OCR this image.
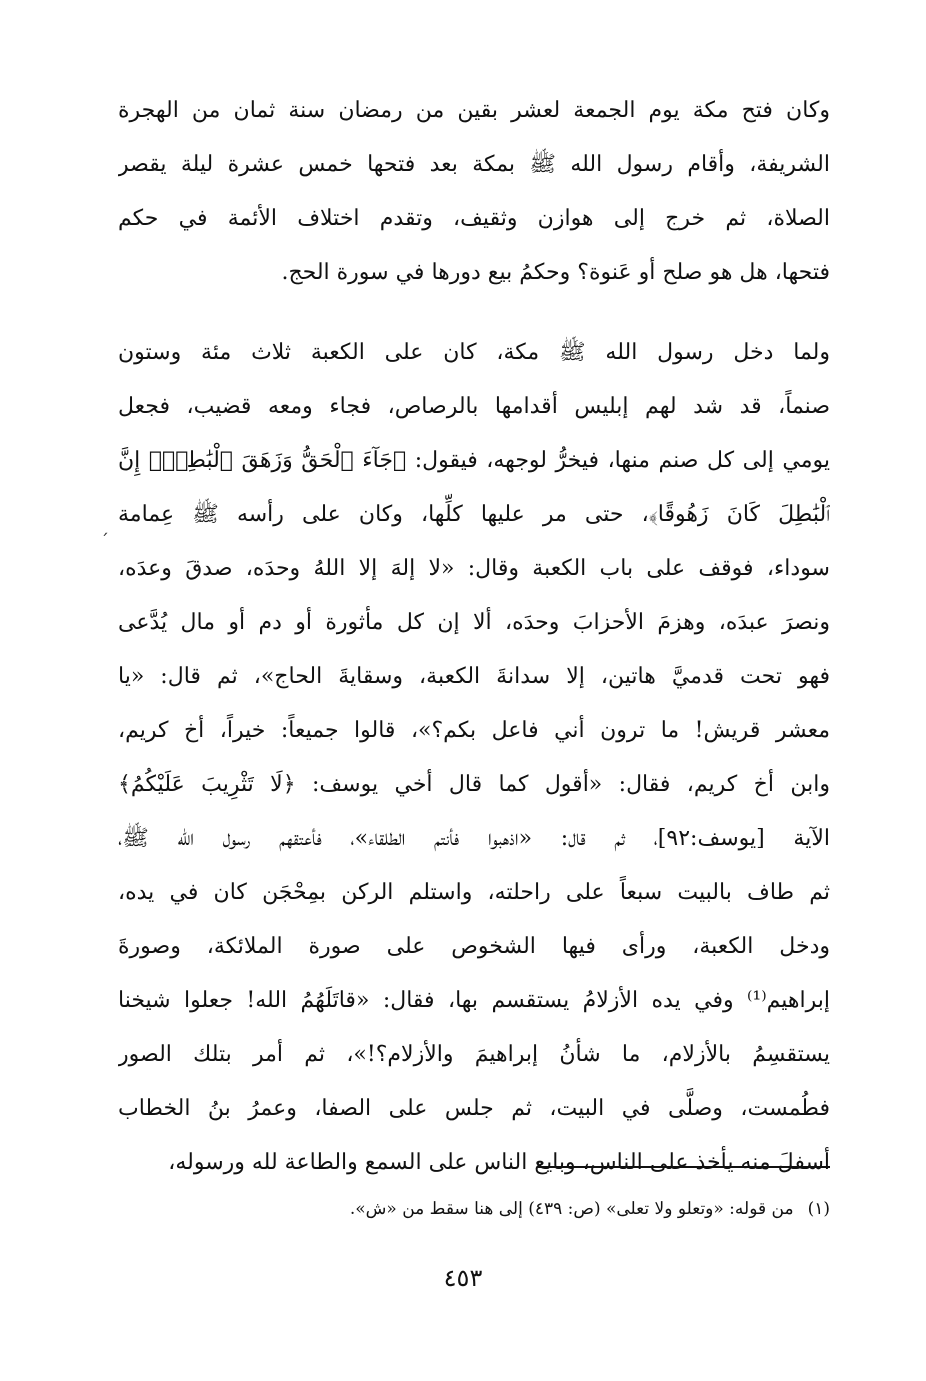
وكان فتح مكة يوم الجمعة لعشر بقين من رمضان سنة ثمان من الهجرة
الشريفة، وأقام رسول الله ﷺ بمكة بعد فتحها خمس عشرة ليلة يقصر
الصلاة، ثم خرج إلى هوازن وثقيف، وتقدم اختلاف الأئمة في حكم
فتحها، هل هو صلح أو عَنوة؟ وحكمُ بيع دورها في سورة الحج.
ولما دخل رسول الله ﷺ مكة، كان على الكعبة ثلاث مئة وستون
صنماً، قد شد لهم إبليس أقدامها بالرصاص، فجاء ومعه قضيب، فجعل
يومي إلى كل صنم منها، فيخرُّ لوجهه، فيقول: ﴿جَآءَ ٱلْحَقُّ وَزَهَقَ ٱلْبَٰطِلُۚ إِنَّ
ٱلْبَٰطِلَ كَانَ زَهُوقًا﴾، حتى مر عليها كلِّها، وكان على رأسه ﷺ عِمامة
سوداء، فوقف على باب الكعبة وقال: «لا إلهَ إلا اللهُ وحدَه، صدقَ وعدَه،
ونصرَ عبدَه، وهزمَ الأحزابَ وحدَه، ألا إن كل مأثورة أو دم أو مال يُدَّعى
فهو تحت قدميَّ هاتين، إلا سدانةَ الكعبة، وسقايةَ الحاج»، ثم قال: «يا
معشر قريش! ما ترون أني فاعل بكم؟»، قالوا جميعاً: خيراً، أخ كريم،
وابن أخ كريم، فقال: «أقول كما قال أخي يوسف: ﴿لَا تَثْرِيبَ عَلَيْكُمُ﴾
الآية [يوسف:٩٢]، ثم قال: «اذهبوا فأنتم الطلقاء»، فأعتقهم رسول الله ﷺ،
ثم طاف بالبيت سبعاً على راحلته، واستلم الركن بمِحْجَن كان في يده،
ودخل الكعبة، ورأى فيها الشخوص على صورة الملائكة، وصورةَ
إبراهيم⁽¹⁾ وفي يده الأزلامُ يستقسم بها، فقال: «قاتَلَهُمُ الله! جعلوا شيخنا
يستقسِمُ بالأزلام، ما شأنُ إبراهيمَ والأزلام؟!»، ثم أمر بتلك الصور
فطُمست، وصلَّى في البيت، ثم جلس على الصفا، وعمرُ بنُ الخطاب
أسفلَ منه يأخذ على الناس، وبايع الناس على السمع والطاعة لله ورسوله،
ˊ
(١)من قوله: «وتعلو ولا تعلى» (ص: ٤٣٩) إلى هنا سقط من «ش».
٤٥٣
